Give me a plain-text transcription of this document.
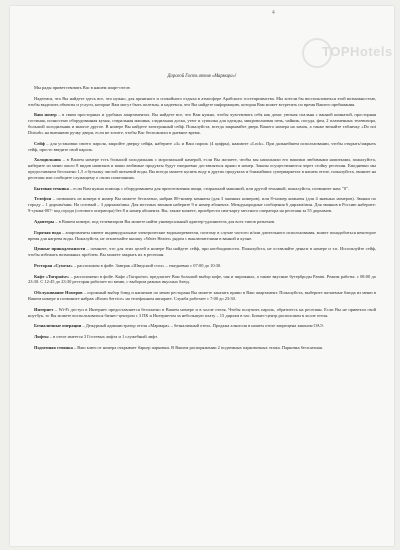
4
TOPHotels
Дорогой Гость отеля «Мармара»!

Мы рады приветствовать Вас в нашем апарт-отеле.

Надеемся, что Вы найдете здесь все, что нужно, для приятного и спокойного отдыха в атмосфере Арабского гостеприимства. Мы хотели бы воспользоваться этой возможностью, чтобы выделить объекты и услуги, которые Вам могут быть полезны, и надеемся, что Вы найдете информацию, которая Вам может встретить по время Вашего пребывания.

Ваш номер – в связи просторных и удобных апартаментах. Вы найдете все, что Вам нужно, чтобы чувствовать себя как дома: уютная спальня с ванной комнатой, просторная гостиная, полностью оборудованная кухня, стиральная машина, гладильная доска, утюг и сушилка для одежды, микроволновая печь, чайник, посуда, фен, 2 плазменных телевизора, большой холодильник и многое другое. В номере Вы найдете электронный сейф. Пожалуйста, всегда закрывайте дверь Вашего номера на замок, а также вешайте табличку «Do not Disturb» на внешнюю ручку двери, если не хотите, чтобы Вас беспокоили в дневное время.

Сейф – для установки своего пароля, закройте дверцу сейфа, наберите «4» и Ваш пароль (4 цифры), нажмите «Lock». При дальнейшем использовании, чтобы открыть/закрыть сейф, просто введите свой пароль.

Холодильник – в Вашем номере есть большой холодильник с морозильной камерой, если Вы желаете, чтобы мы наполнили его вашими любимыми напитками, пожалуйста, наберите из меню около 8 видов напитков и ваши любимые продукты будут ежедневно доставляться прямо в номер. Заказы осуществляются через стойку ресепшн. Ежедневно мы предоставляем бесплатно 1,5 л бутылку чистой питьевой воды. Вы всегда можете купить воду в других продуктах и ближайших супермаркетах в нашем отеле, пожалуйста, звоните на ресепшн или сообщите служащему о своих пожеланиях.

Бытовая техника – если Вам нужна помощь с оборудованием для приготовления пищи, стиральной машиной, или другой техникой, пожалуйста, позвоните нам: "0".

Телефон – позвонить из номера в номер Вы можете бесплатно, набрав 80+номер комнаты (для 3 значных номеров), или 8+номер комнаты (для 4 значных номеров). Звонки по городу – 1 дирхам/мин. На сотовый – 3 дирхама/мин. Для местных звонков наберите 9 и номер абонента. Международные сообщения 6 дирхам/мин. Для звонков в Россию наберите: 9-сумма-007- код города (сотового оператора) без 8 и номер абонента. Вы, также можете, приобрести сим-карту местного оператора на ресепшн за 55 дирхамов.

Адаптеры – в Вашем номере, под телевизором Вы можете найти универсальный адаптер-удлинитель для всех типов разъемов.

Горячая вода – апартаменты имеют индивидуальные электрические водонагреватели, поэтому в случае частого и/или длительного использования, может понадобиться некоторое время для нагрева воды. Пожалуйста, не отключайте кнопку «Water Heater» рядом с выключателями в ванной и кухне.

Ценные принадлежности – помните, что для этих целей в номере Вы найдете сейф, при необходимости. Пожалуйста, не оставляйте деньги в номере и т.п. Используйте сейф, чтобы избежать возможных проблем. Вы можете закрыть их в ресепшн.

Ресторан «Сумела» – расположен в фойе. Завтрак «Шведский стол» – ежедневно с 07:00 до 10:30.

Кафе «Turquoise» – расположено в фойе. Кафе «Turquoise» предлагает Вам большой выбор кофе, чая и пирожных, а также вкусные бутерброды Panini. Режим работы: с 08:00 до 23:30. С 12:45 до 23:30 ресторан работает по меню, с выбором разных вкусных блюд.

Обслуживание Номеров – огромный выбор блюд и напитков по меню ресторана Вы можете заказать прямо в Ваш апартамент. Пожалуйста, выберите желаемые блюда из меню в Вашем номере и позвоните набрав «Room Service» на телефонном аппарате. Служба работает с 7:00 до 23:30.

Интернет – Wi-Fi доступ в Интернет предоставляется бесплатно в Вашем номере и в холле отеля. Чтобы получить пароль, обратитесь на ресепшн. Если Вы не привезли свой ноутбук, то Вы можете воспользоваться бизнес-центром с 3 ПК и Интернетом за небольшую плату – 15 дирхам в час. Бизнес-центр расположен в холле отеля.

Безналичные операции – Дежурный администратор отеля «Мармара» – безналичный отель. Продажа алкоголя в нашем отеле запрещена законом ОАЭ.

Лифты – в отеле имеется 3 Гостевых лифта и 1 служебный лифт.

Подземная стоянка – Ваш ключ от номера открывает барьер парковки. В Вашем распоряжении 2 подземных парковочных этажа. Парковка бесплатная.
